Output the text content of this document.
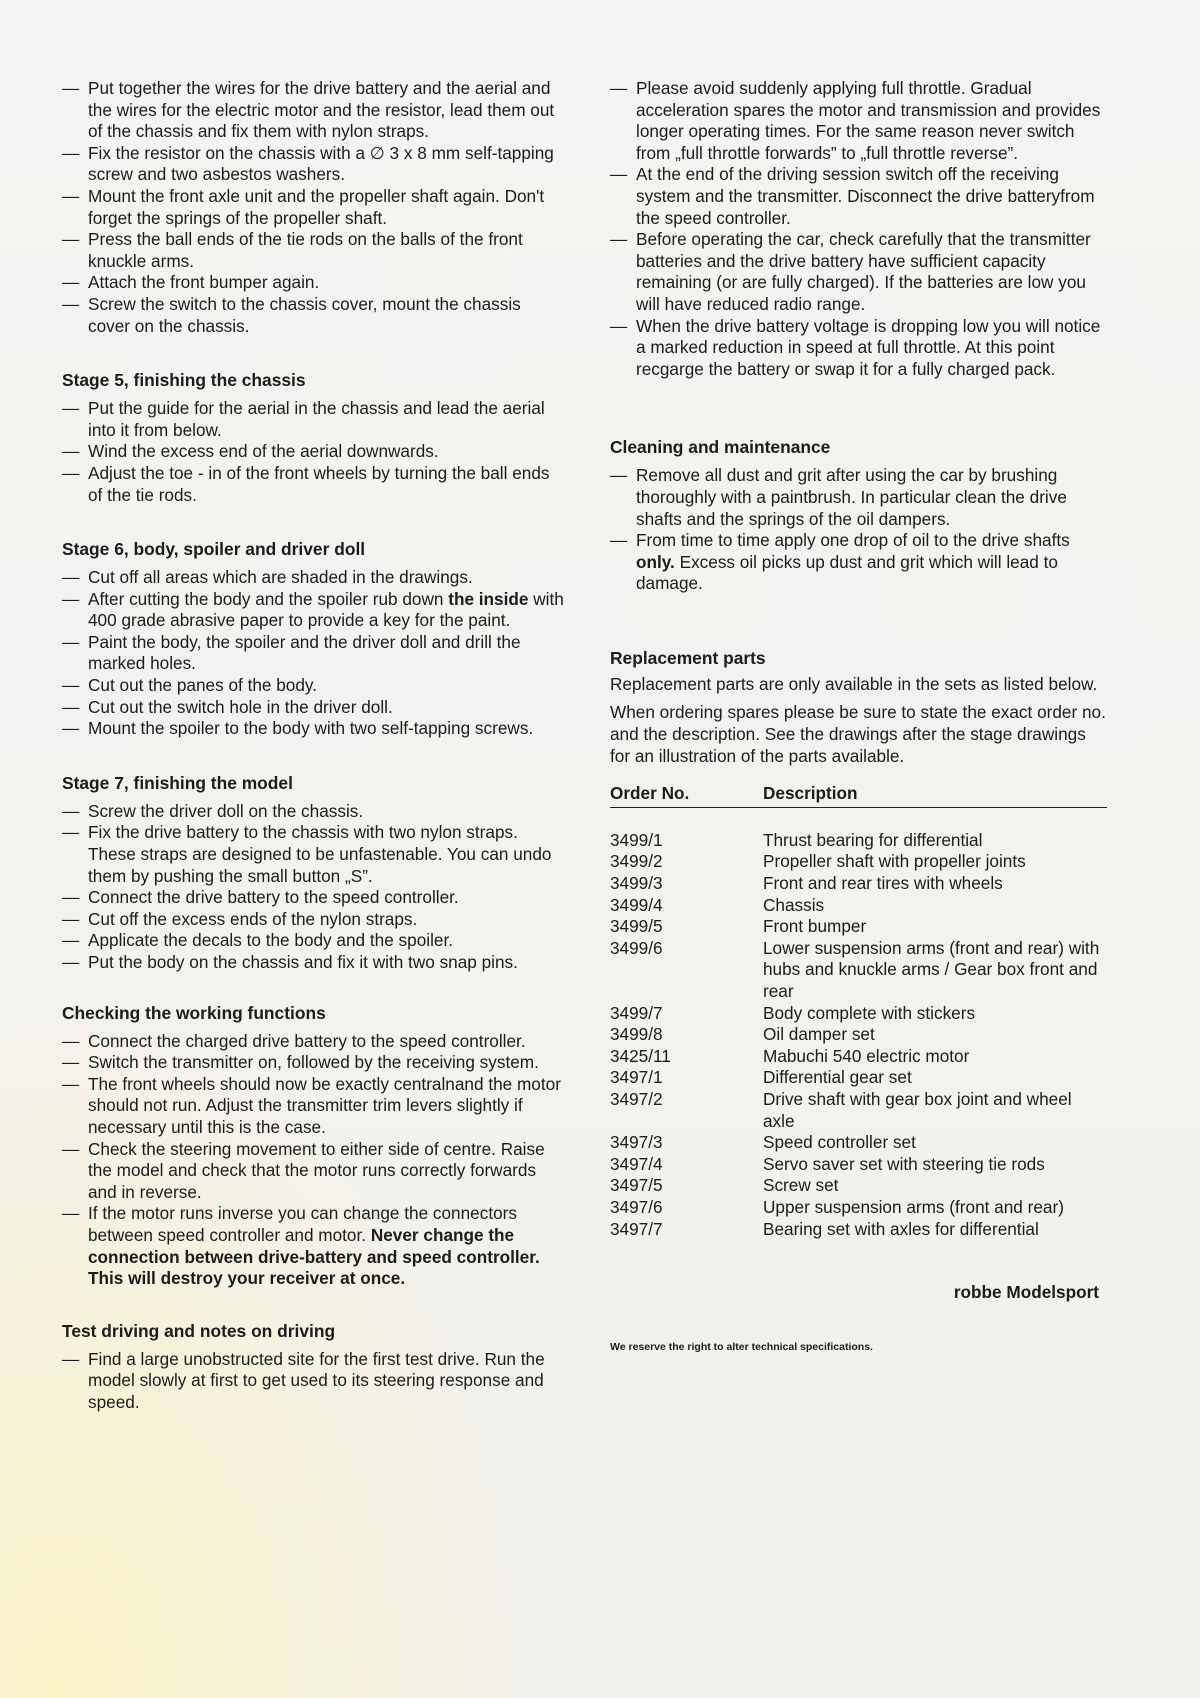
— Put together the wires for the drive battery and the aerial and the wires for the electric motor and the resistor, lead them out of the chassis and fix them with nylon straps.
— Fix the resistor on the chassis with a ∅ 3 x 8 mm self-tapping screw and two asbestos washers.
— Mount the front axle unit and the propeller shaft again. Don't forget the springs of the propeller shaft.
— Press the ball ends of the tie rods on the balls of the front knuckle arms.
— Attach the front bumper again.
— Screw the switch to the chassis cover, mount the chassis cover on the chassis.
Stage 5, finishing the chassis
— Put the guide for the aerial in the chassis and lead the aerial into it from below.
— Wind the excess end of the aerial downwards.
— Adjust the toe - in of the front wheels by turning the ball ends of the tie rods.
Stage 6, body, spoiler and driver doll
— Cut off all areas which are shaded in the drawings.
— After cutting the body and the spoiler rub down the inside with 400 grade abrasive paper to provide a key for the paint.
— Paint the body, the spoiler and the driver doll and drill the marked holes.
— Cut out the panes of the body.
— Cut out the switch hole in the driver doll.
— Mount the spoiler to the body with two self-tapping screws.
Stage 7, finishing the model
— Screw the driver doll on the chassis.
— Fix the drive battery to the chassis with two nylon straps. These straps are designed to be unfastenable. You can undo them by pushing the small button „S”.
— Connect the drive battery to the speed controller.
— Cut off the excess ends of the nylon straps.
— Applicate the decals to the body and the spoiler.
— Put the body on the chassis and fix it with two snap pins.
Checking the working functions
— Connect the charged drive battery to the speed controller.
— Switch the transmitter on, followed by the receiving system.
— The front wheels should now be exactly centralnand the motor should not run. Adjust the transmitter trim levers slightly if necessary until this is the case.
— Check the steering movement to either side of centre. Raise the model and check that the motor runs correctly forwards and in reverse.
— If the motor runs inverse you can change the connectors between speed controller and motor. Never change the connection between drive-battery and speed controller. This will destroy your receiver at once.
Test driving and notes on driving
— Find a large unobstructed site for the first test drive. Run the model slowly at first to get used to its steering response and speed.
— Please avoid suddenly applying full throttle. Gradual acceleration spares the motor and transmission and provides longer operating times. For the same reason never switch from „full throttle forwards” to „full throttle reverse”.
— At the end of the driving session switch off the receiving system and the transmitter. Disconnect the drive batteryfrom the speed controller.
— Before operating the car, check carefully that the transmitter batteries and the drive battery have sufficient capacity remaining (or are fully charged). If the batteries are low you will have reduced radio range.
— When the drive battery voltage is dropping low you will notice a marked reduction in speed at full throttle. At this point recgarge the battery or swap it for a fully charged pack.
Cleaning and maintenance
— Remove all dust and grit after using the car by brushing thoroughly with a paintbrush. In particular clean the drive shafts and the springs of the oil dampers.
— From time to time apply one drop of oil to the drive shafts only. Excess oil picks up dust and grit which will lead to damage.
Replacement parts

Replacement parts are only available in the sets as listed below.

When ordering spares please be sure to state the exact order no. and the description. See the drawings after the stage drawings for an illustration of the parts available.

Order No.	Description
3499/1	Thrust bearing for differential
3499/2	Propeller shaft with propeller joints
3499/3	Front and rear tires with wheels
3499/4	Chassis
3499/5	Front bumper
3499/6	Lower suspension arms (front and rear) with hubs and knuckle arms / Gear box front and rear
3499/7	Body complete with stickers
3499/8	Oil damper set
3425/11	Mabuchi 540 electric motor
3497/1	Differential gear set
3497/2	Drive shaft with gear box joint and wheel axle
3497/3	Speed controller set
3497/4	Servo saver set with steering tie rods
3497/5	Screw set
3497/6	Upper suspension arms (front and rear)
3497/7	Bearing set with axles for differential
robbe Modelsport
We reserve the right to alter technical specifications.
